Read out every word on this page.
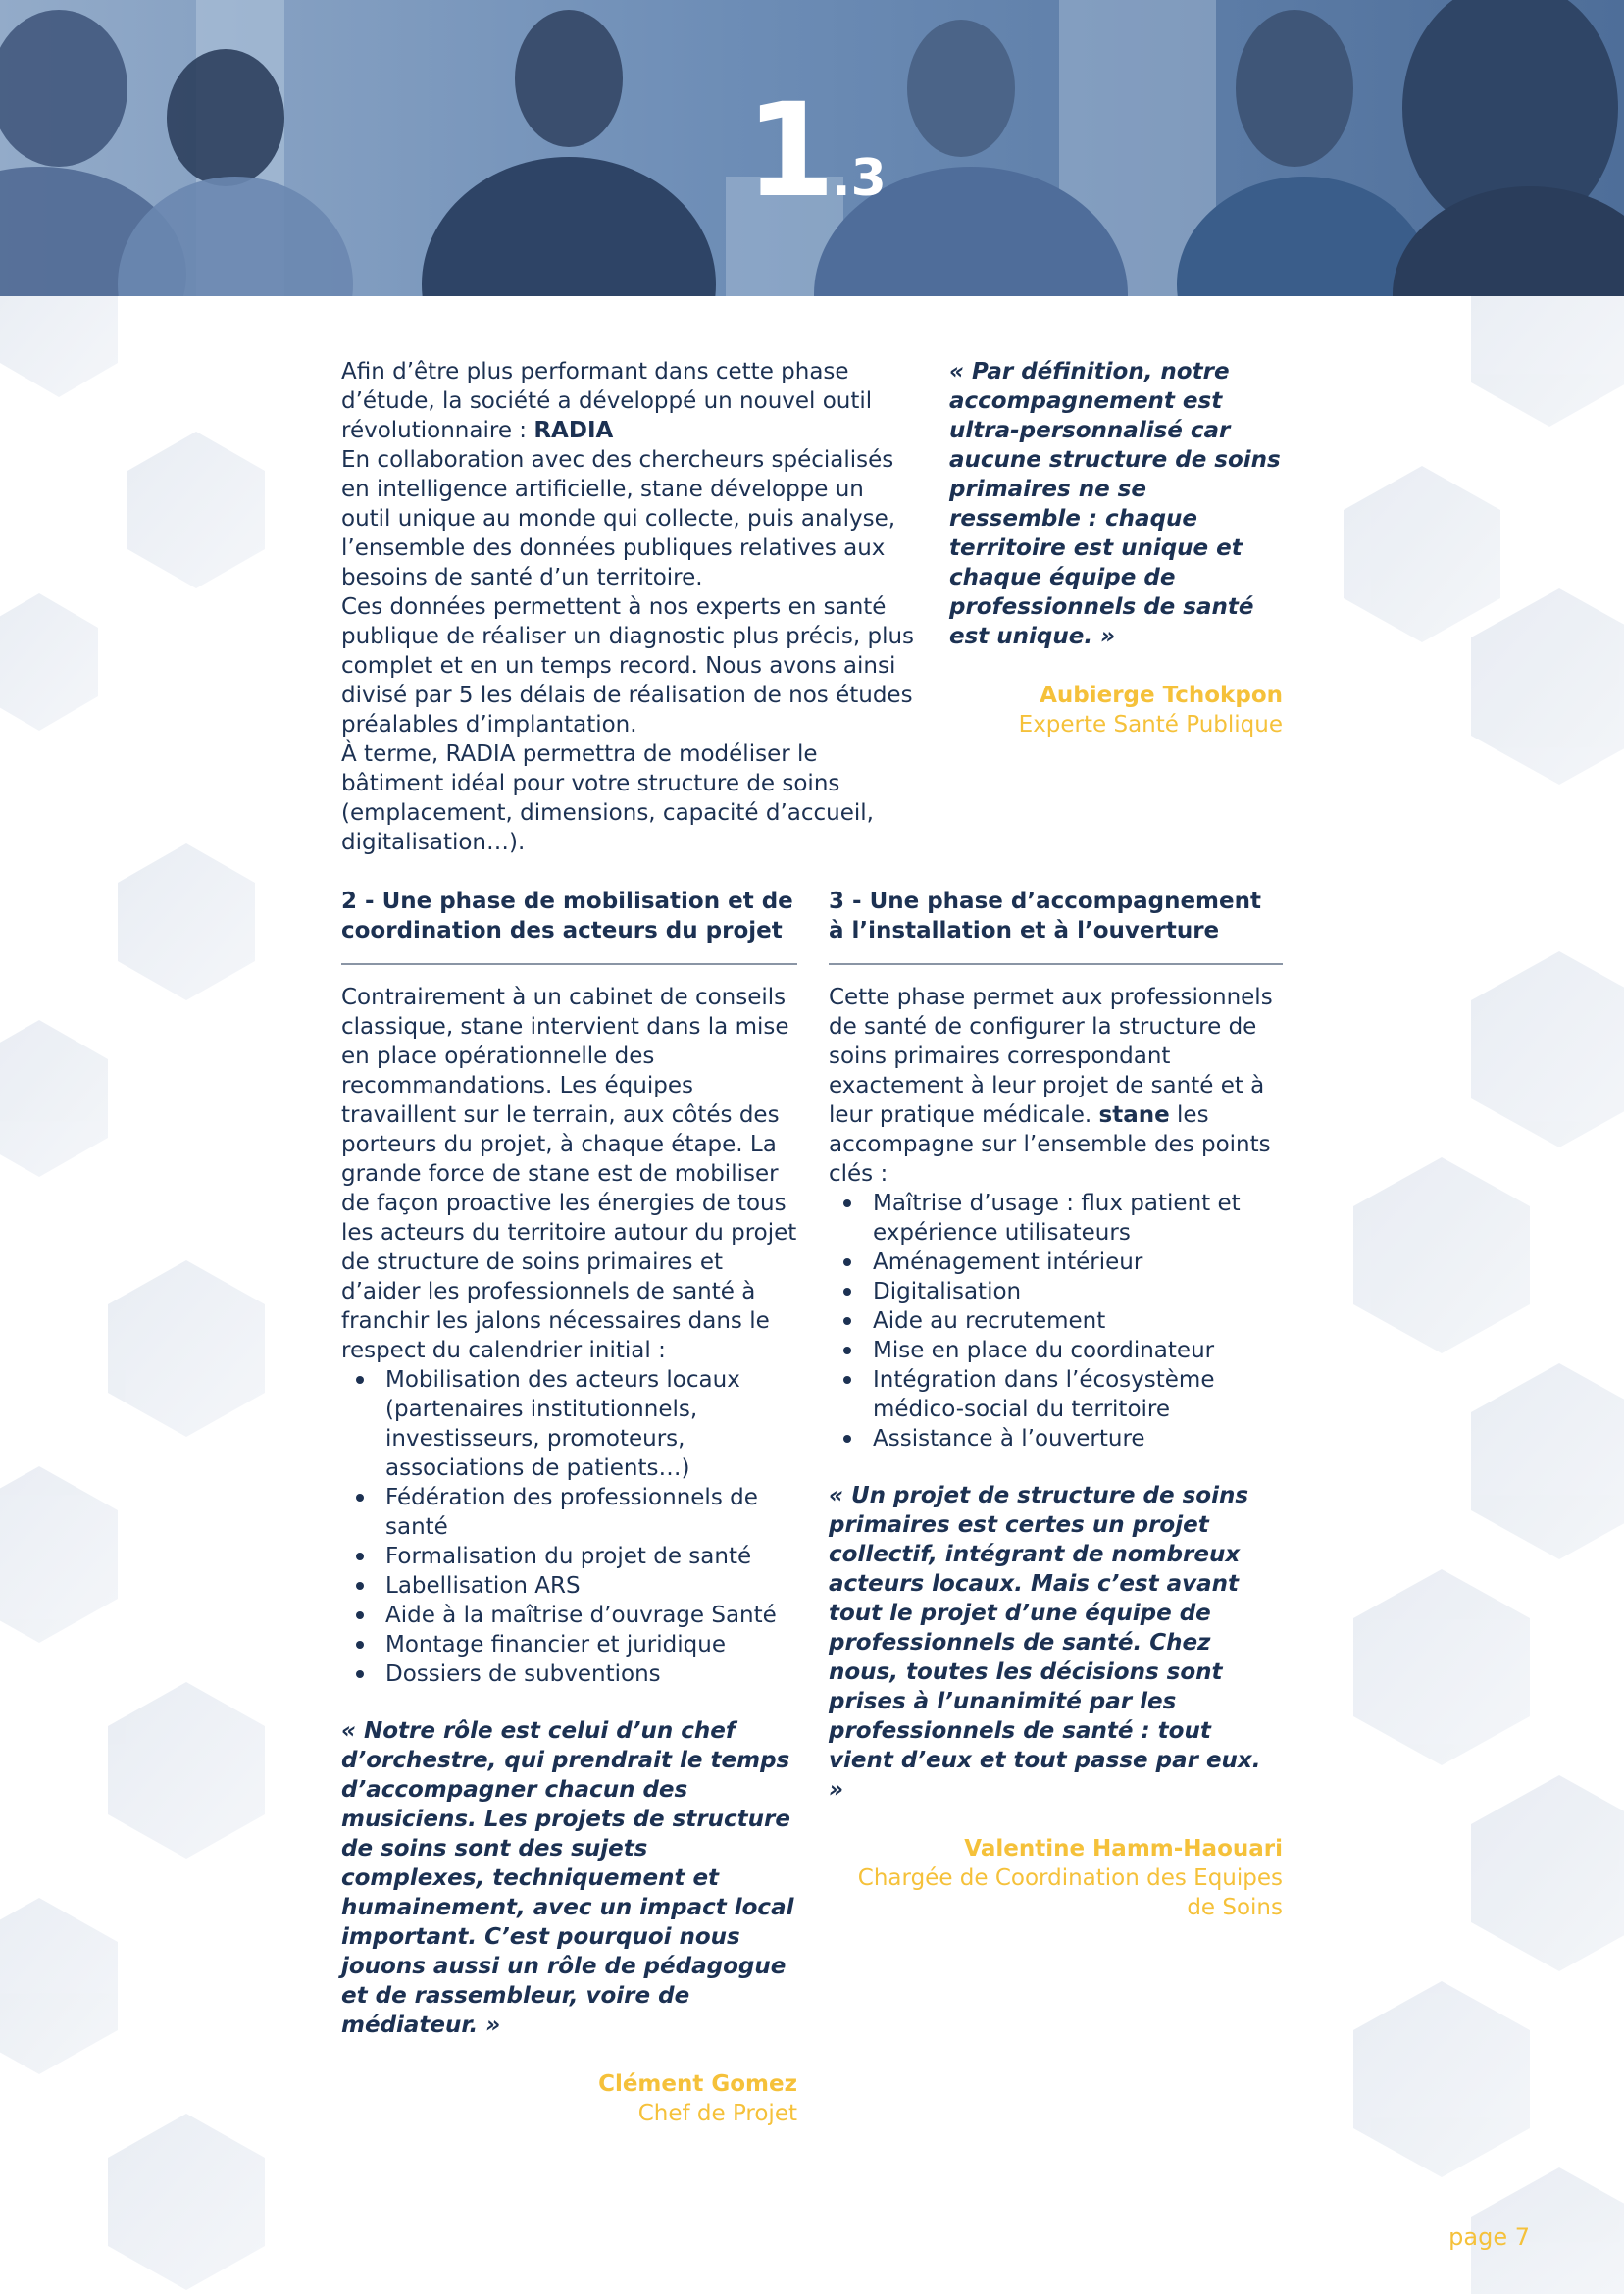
1.3

Afin d’être plus performant dans cette phase d’étude, la société a développé un nouvel outil révolutionnaire : RADIA

En collaboration avec des chercheurs spécialisés en intelligence artificielle, stane développe un outil unique au monde qui collecte, puis analyse, l’ensemble des données publiques relatives aux besoins de santé d’un territoire.

Ces données permettent à nos experts en santé publique de réaliser un diagnostic plus précis, plus complet et en un temps record. Nous avons ainsi divisé par 5 les délais de réalisation de nos études préalables d’implantation.

À terme, RADIA permettra de modéliser le bâtiment idéal pour votre structure de soins (emplacement, dimensions, capacité d’accueil, digitalisation…).

« Par définition, notre accompagnement est ultra-personnalisé car aucune structure de soins primaires ne se ressemble : chaque territoire est unique et chaque équipe de professionnels de santé est unique. »

Aubierge Tchokpon
Experte Santé Publique
2 - Une phase de mobilisation et de coordination des acteurs du projet

Contrairement à un cabinet de conseils classique, stane intervient dans la mise en place opérationnelle des recommandations. Les équipes travaillent sur le terrain, aux côtés des porteurs du projet, à chaque étape. La grande force de stane est de mobiliser de façon proactive les énergies de tous les acteurs du territoire autour du projet de structure de soins primaires et d’aider les professionnels de santé à franchir les jalons nécessaires dans le respect du calendrier initial :

Mobilisation des acteurs locaux (partenaires institutionnels, investisseurs, promoteurs, associations de patients…)
Fédération des professionnels de santé
Formalisation du projet de santé
Labellisation ARS
Aide à la maîtrise d’ouvrage Santé
Montage financier et juridique
Dossiers de subventions

« Notre rôle est celui d’un chef d’orchestre, qui prendrait le temps d’accompagner chacun des musiciens. Les projets de structure de soins sont des sujets complexes, techniquement et humainement, avec un impact local important. C’est pourquoi nous jouons aussi un rôle de pédagogue et de rassembleur, voire de médiateur. »

Clément Gomez
Chef de Projet
3 - Une phase d’accompagnement à l’installation et à l’ouverture

Cette phase permet aux professionnels de santé de configurer la structure de soins primaires correspondant exactement à leur projet de santé et à leur pratique médicale. stane les accompagne sur l’ensemble des points clés :

Maîtrise d’usage : flux patient et expérience utilisateurs
Aménagement intérieur
Digitalisation
Aide au recrutement
Mise en place du coordinateur
Intégration dans l’écosystème médico-social du territoire
Assistance à l’ouverture

« Un projet de structure de soins primaires est certes un projet collectif, intégrant de nombreux acteurs locaux. Mais c’est avant tout le projet d’une équipe de professionnels de santé. Chez nous, toutes les décisions sont prises à l’unanimité par les professionnels de santé : tout vient d’eux et tout passe par eux. »

Valentine Hamm-Haouari
Chargée de Coordination des Equipes de Soins
page 7
